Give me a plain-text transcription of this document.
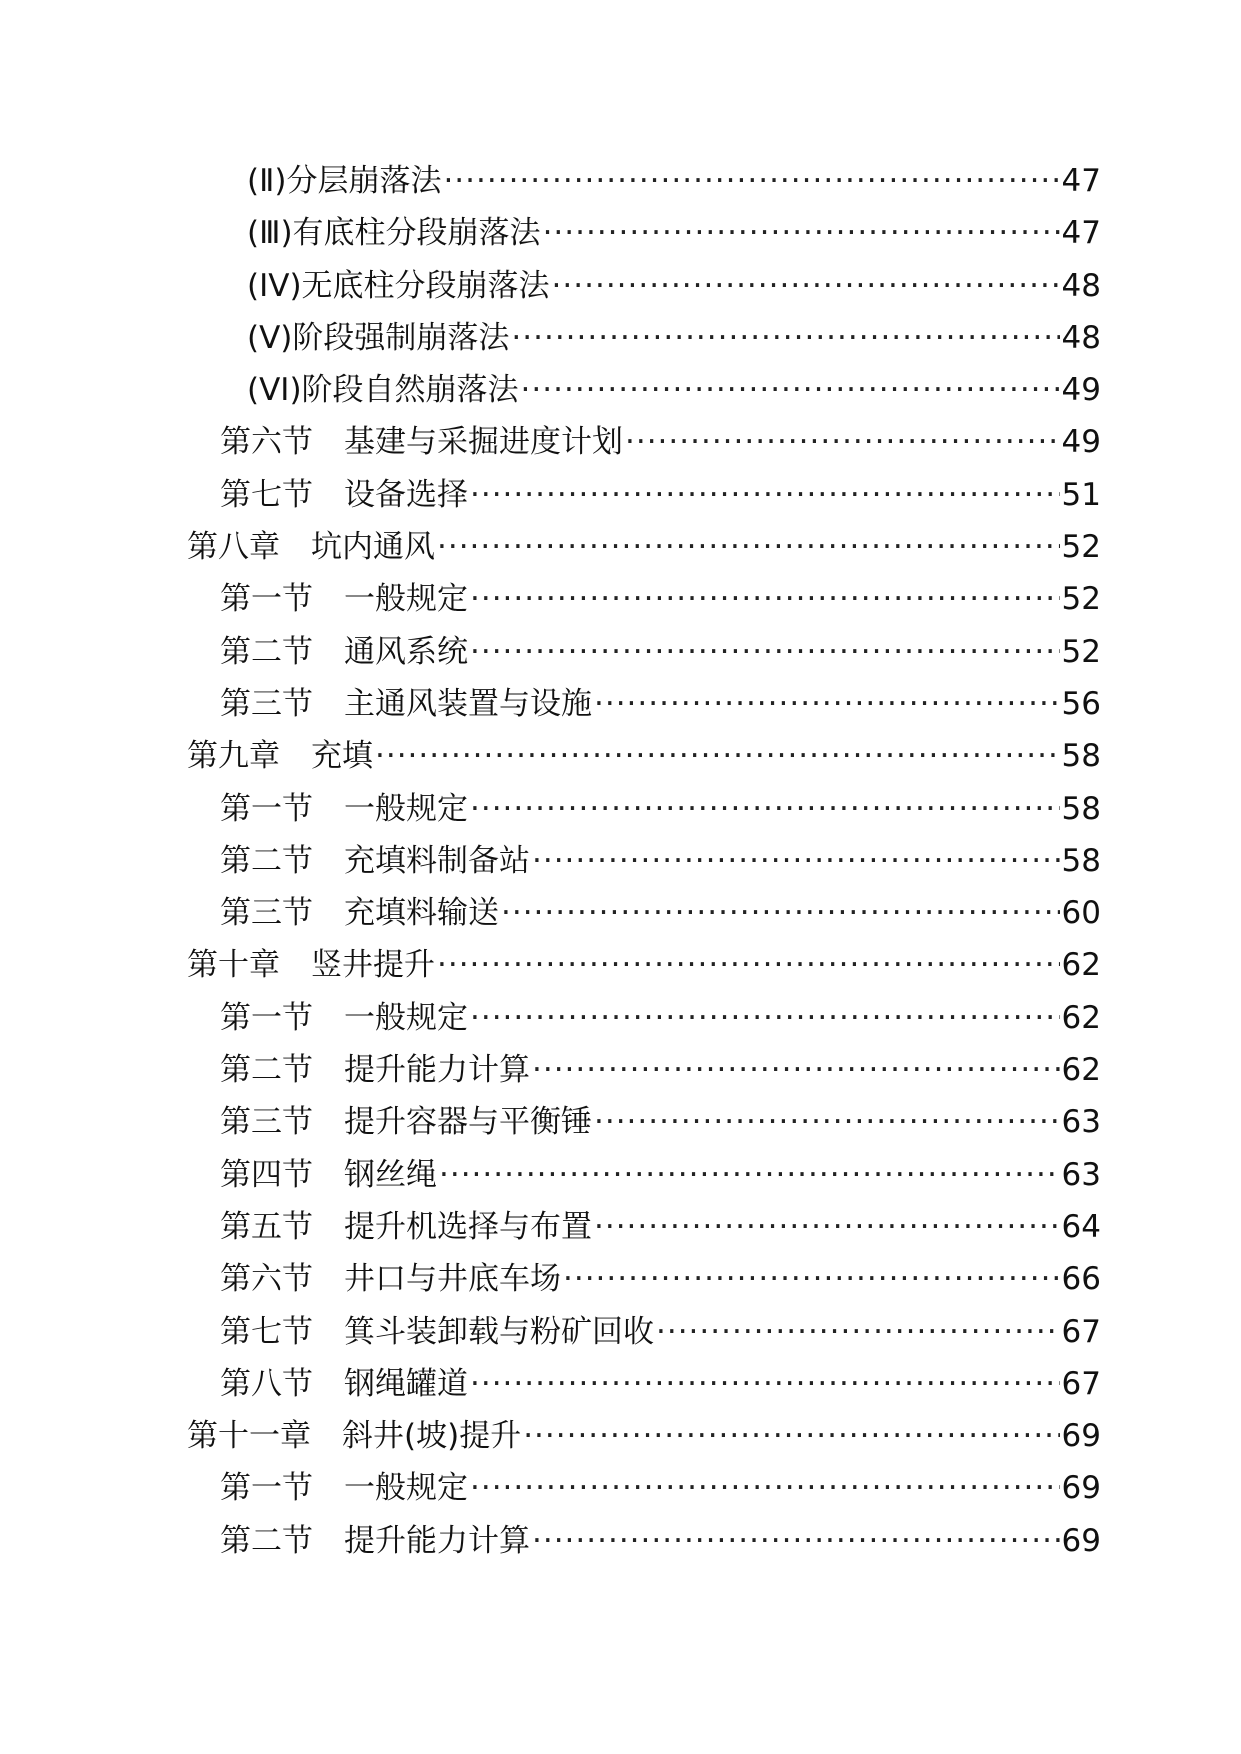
(Ⅱ)分层崩落法 ·····	47
(Ⅲ)有底柱分段崩落法 ·····	47
(IV)无底柱分段崩落法 ·····	48
(Ⅴ)阶段强制崩落法 ·····	48
(VI)阶段自然崩落法 ·····	49
第六节　基建与采掘进度计划 ·····	49
第七节　设备选择 ·····	51
第八章　坑内通风 ·····	52
第一节　一般规定 ·····	52
第二节　通风系统 ·····	52
第三节　主通风装置与设施 ·····	56
第九章　充填 ·····	58
第一节　一般规定 ·····	58
第二节　充填料制备站 ·····	58
第三节　充填料输送 ·····	60
第十章　竖井提升 ·····	62
第一节　一般规定 ·····	62
第二节　提升能力计算 ·····	62
第三节　提升容器与平衡锤 ·····	63
第四节　钢丝绳 ·····	63
第五节　提升机选择与布置 ·····	64
第六节　井口与井底车场 ·····	66
第七节　箕斗装卸载与粉矿回收 ·····	67
第八节　钢绳罐道 ·····	67
第十一章　斜井(坡)提升 ·····	69
第一节　一般规定 ·····	69
第二节　提升能力计算 ·····	69
